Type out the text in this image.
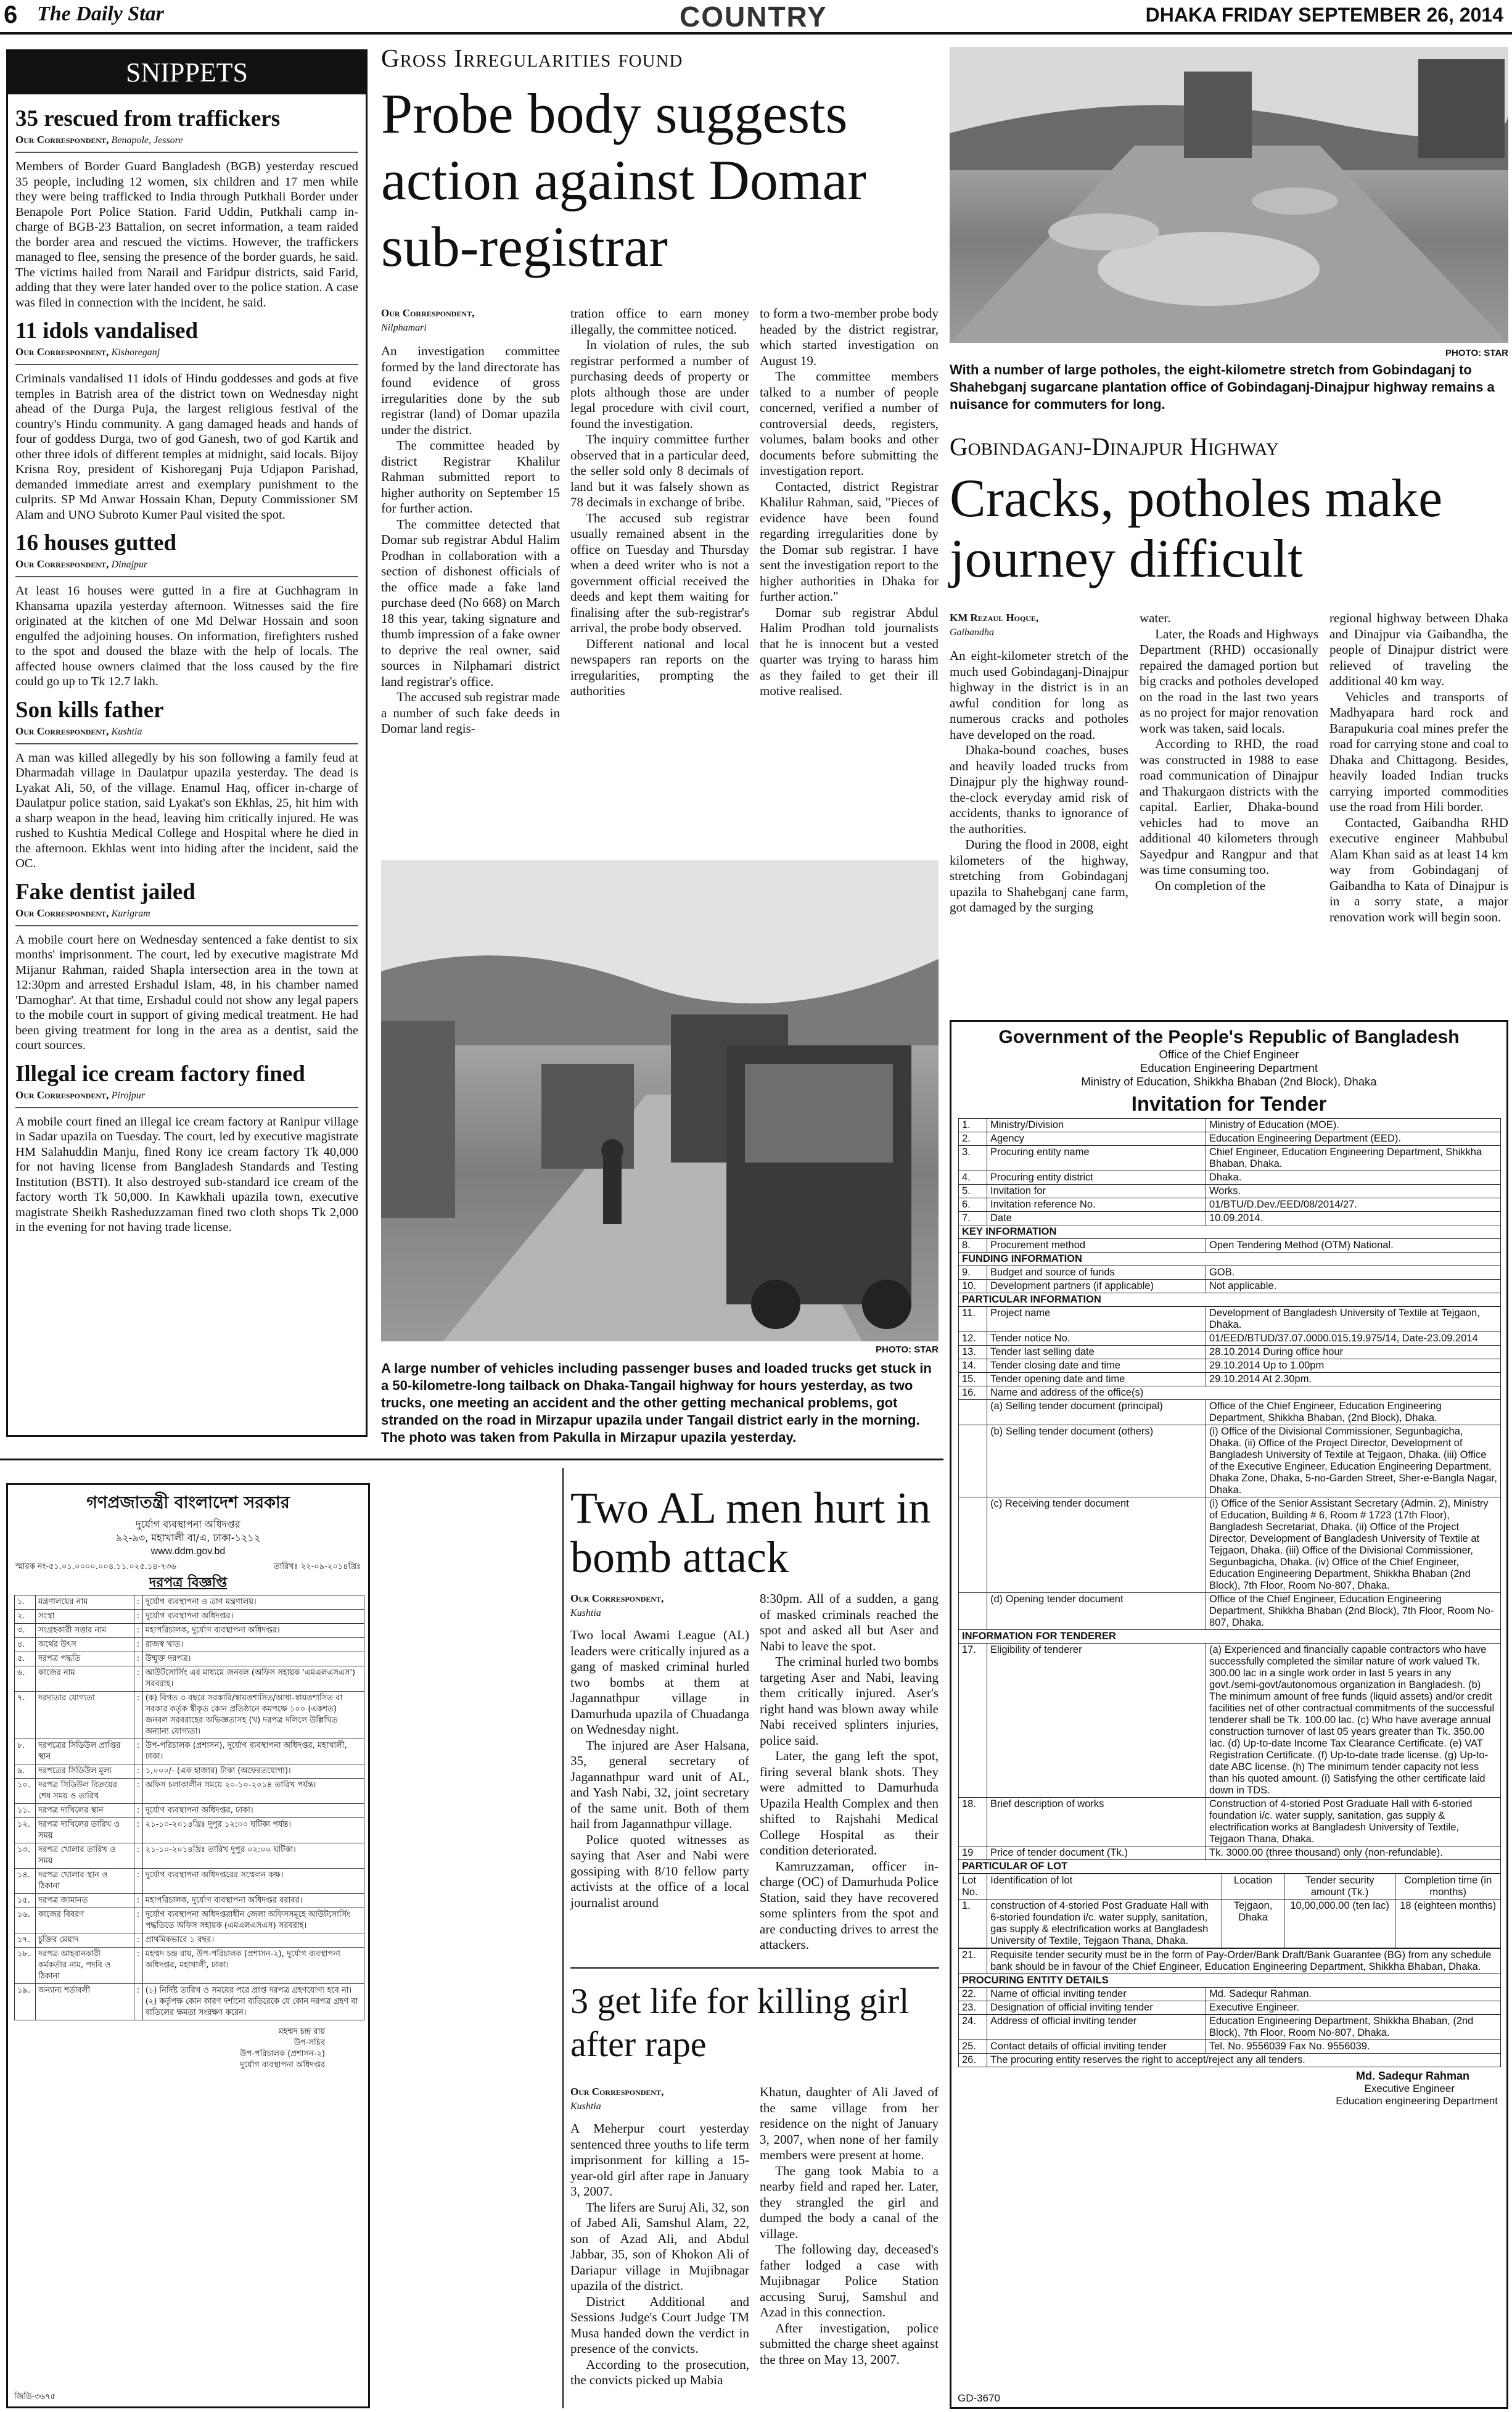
6 The Daily Star	COUNTRY	DHAKA FRIDAY SEPTEMBER 26, 2014
SNIPPETS
35 rescued from traffickers
Our Correspondent, Benapole, Jessore
Members of Border Guard Bangladesh (BGB) yesterday rescued 35 people, including 12 women, six children and 17 men while they were being trafficked to India through Putkhali Border under Benapole Port Police Station. Farid Uddin, Putkhali camp in-charge of BGB-23 Battalion, on secret information, a team raided the border area and rescued the victims. However, the traffickers managed to flee, sensing the presence of the border guards, he said. The victims hailed from Narail and Faridpur districts, said Farid, adding that they were later handed over to the police station. A case was filed in connection with the incident, he said.
11 idols vandalised
Our Correspondent, Kishoreganj
Criminals vandalised 11 idols of Hindu goddesses and gods at five temples in Batrish area of the district town on Wednesday night ahead of the Durga Puja, the largest religious festival of the country's Hindu community. A gang damaged heads and hands of four of goddess Durga, two of god Ganesh, two of god Kartik and other three idols of different temples at midnight, said locals. Bijoy Krisna Roy, president of Kishoreganj Puja Udjapon Parishad, demanded immediate arrest and exemplary punishment to the culprits. SP Md Anwar Hossain Khan, Deputy Commissioner SM Alam and UNO Subroto Kumer Paul visited the spot.
16 houses gutted
Our Correspondent, Dinajpur
At least 16 houses were gutted in a fire at Guchhagram in Khansama upazila yesterday afternoon. Witnesses said the fire originated at the kitchen of one Md Delwar Hossain and soon engulfed the adjoining houses. On information, firefighters rushed to the spot and doused the blaze with the help of locals. The affected house owners claimed that the loss caused by the fire could go up to Tk 12.7 lakh.
Son kills father
Our Correspondent, Kushtia
A man was killed allegedly by his son following a family feud at Dharmadah village in Daulatpur upazila yesterday. The dead is Lyakat Ali, 50, of the village. Enamul Haq, officer in-charge of Daulatpur police station, said Lyakat's son Ekhlas, 25, hit him with a sharp weapon in the head, leaving him critically injured. He was rushed to Kushtia Medical College and Hospital where he died in the afternoon. Ekhlas went into hiding after the incident, said the OC.
Fake dentist jailed
Our Correspondent, Kurigram
A mobile court here on Wednesday sentenced a fake dentist to six months' imprisonment. The court, led by executive magistrate Md Mijanur Rahman, raided Shapla intersection area in the town at 12:30pm and arrested Ershadul Islam, 48, in his chamber named 'Damoghar'. At that time, Ershadul could not show any legal papers to the mobile court in support of giving medical treatment. He had been giving treatment for long in the area as a dentist, said the court sources.
Illegal ice cream factory fined
Our Correspondent, Pirojpur
A mobile court fined an illegal ice cream factory at Ranipur village in Sadar upazila on Tuesday. The court, led by executive magistrate HM Salahuddin Manju, fined Rony ice cream factory Tk 40,000 for not having license from Bangladesh Standards and Testing Institution (BSTI). It also destroyed sub-standard ice cream of the factory worth Tk 50,000. In Kawkhali upazila town, executive magistrate Sheikh Rasheduzzaman fined two cloth shops Tk 2,000 in the evening for not having trade license.
Gross Irregularities found
Probe body suggests action against Domar sub-registrar
Our Correspondent,
Nilphamari

An investigation committee formed by the land directorate has found evidence of gross irregularities done by the sub registrar (land) of Domar upazila under the district.

The committee headed by district Registrar Khalilur Rahman submitted report to higher authority on September 15 for further action.

The committee detected that Domar sub registrar Abdul Halim Prodhan in collaboration with a section of dishonest officials of the office made a fake land purchase deed (No 668) on March 18 this year, taking signature and thumb impression of a fake owner to deprive the real owner, said sources in Nilphamari district land registrar's office.

The accused sub registrar made a number of such fake deeds in Domar land regis-

tration office to earn money illegally, the committee noticed.

In violation of rules, the sub registrar performed a number of purchasing deeds of property or plots although those are under legal procedure with civil court, found the investigation.

The inquiry committee further observed that in a particular deed, the seller sold only 8 decimals of land but it was falsely shown as 78 decimals in exchange of bribe.

The accused sub registrar usually remained absent in the office on Tuesday and Thursday when a deed writer who is not a government official received the deeds and kept them waiting for finalising after the sub-registrar's arrival, the probe body observed.

Different national and local newspapers ran reports on the irregularities, prompting the authorities

to form a two-member probe body headed by the district registrar, which started investigation on August 19.

The committee members talked to a number of people concerned, verified a number of controversial deeds, registers, volumes, balam books and other documents before submitting the investigation report.

Contacted, district Registrar Khalilur Rahman, said, "Pieces of evidence have been found regarding irregularities done by the Domar sub registrar. I have sent the investigation report to the higher authorities in Dhaka for further action."

Domar sub registrar Abdul Halim Prodhan told journalists that he is innocent but a vested quarter was trying to harass him as they failed to get their ill motive realised.

PHOTO: STAR
A large number of vehicles including passenger buses and loaded trucks get stuck in a 50-kilometre-long tailback on Dhaka-Tangail highway for hours yesterday, as two trucks, one meeting an accident and the other getting mechanical problems, got stranded on the road in Mirzapur upazila under Tangail district early in the morning. The photo was taken from Pakulla in Mirzapur upazila yesterday.
PHOTO: STAR
With a number of large potholes, the eight-kilometre stretch from Gobindaganj to Shahebganj sugarcane plantation office of Gobindaganj-Dinajpur highway remains a nuisance for commuters for long.
Gobindaganj-Dinajpur Highway
Cracks, potholes make journey difficult
KM Rezaul Hoque,
Gaibandha

An eight-kilometer stretch of the much used Gobindaganj-Dinajpur highway in the district is in an awful condition for long as numerous cracks and potholes have developed on the road.

Dhaka-bound coaches, buses and heavily loaded trucks from Dinajpur ply the highway round-the-clock everyday amid risk of accidents, thanks to ignorance of the authorities.

During the flood in 2008, eight kilometers of the highway, stretching from Gobindaganj upazila to Shahebganj cane farm, got damaged by the surging

water.

Later, the Roads and Highways Department (RHD) occasionally repaired the damaged portion but big cracks and potholes developed on the road in the last two years as no project for major renovation work was taken, said locals.

According to RHD, the road was constructed in 1988 to ease road communication of Dinajpur and Thakurgaon districts with the capital. Earlier, Dhaka-bound vehicles had to move an additional 40 kilometers through Sayedpur and Rangpur and that was time consuming too.

On completion of the

regional highway between Dhaka and Dinajpur via Gaibandha, the people of Dinajpur district were relieved of traveling the additional 40 km way.

Vehicles and transports of Madhyapara hard rock and Barapukuria coal mines prefer the road for carrying stone and coal to Dhaka and Chittagong. Besides, heavily loaded Indian trucks carrying imported commodities use the road from Hili border.

Contacted, Gaibandha RHD executive engineer Mahbubul Alam Khan said as at least 14 km way from Gobindaganj of Gaibandha to Kata of Dinajpur is in a sorry state, a major renovation work will begin soon.

Government of the People's Republic of Bangladesh
Office of the Chief Engineer
Education Engineering Department
Ministry of Education, Shikkha Bhaban (2nd Block), Dhaka
Invitation for Tender
1.	Ministry/Division	Ministry of Education (MOE).
2.	Agency	Education Engineering Department (EED).
3.	Procuring entity name	Chief Engineer, Education Engineering Department, Shikkha Bhaban, Dhaka.
4.	Procuring entity district	Dhaka.
5.	Invitation for	Works.
6.	Invitation reference No.	01/BTU/D.Dev./EED/08/2014/27.
7.	Date	10.09.2014.
KEY INFORMATION		
8.	Procurement method	Open Tendering Method (OTM) National.
FUNDING INFORMATION		
9.	Budget and source of funds	GOB.
10.	Development partners (if applicable)	Not applicable.
PARTICULAR INFORMATION		
11.	Project name	Development of Bangladesh University of Textile at Tejgaon, Dhaka.
12.	Tender notice No.	01/EED/BTUD/37.07.0000.015.19.975/14, Date-23.09.2014
13.	Tender last selling date	28.10.2014 During office hour
14.	Tender closing date and time	29.10.2014 Up to 1.00pm
15.	Tender opening date and time	29.10.2014 At 2.30pm.
16.	Name and address of the office(s)	
	(a) Selling tender document (principal)	Office of the Chief Engineer, Education Engineering Department, Shikkha Bhaban, (2nd Block), Dhaka.
	(b) Selling tender document (others)	(i) Office of the Divisional Commissioner, Segunbagicha, Dhaka. (ii) Office of the Project Director, Development of Bangladesh University of Textile at Tejgaon, Dhaka. (iii) Office of the Executive Engineer, Education Engineering Department, Dhaka Zone, Dhaka, 5-no-Garden Street, Sher-e-Bangla Nagar, Dhaka.
	(c) Receiving tender document	(i) Office of the Senior Assistant Secretary (Admin. 2), Ministry of Education, Building # 6, Room # 1723 (17th Floor), Bangladesh Secretariat, Dhaka. (ii) Office of the Project Director, Development of Bangladesh University of Textile at Tejgaon, Dhaka. (iii) Office of the Divisional Commissioner, Segunbagicha, Dhaka. (iv) Office of the Chief Engineer, Education Engineering Department, Shikkha Bhaban (2nd Block), 7th Floor, Room No-807, Dhaka.
	(d) Opening tender document	Office of the Chief Engineer, Education Engineering Department, Shikkha Bhaban (2nd Block), 7th Floor, Room No-807, Dhaka.
INFORMATION FOR TENDERER		
17.	Eligibility of tenderer	(a) Experienced and financially capable contractors who have successfully completed the similar nature of work valued Tk. 300.00 lac in a single work order in last 5 years in any govt./semi-govt/autonomous organization in Bangladesh. (b) The minimum amount of free funds (liquid assets) and/or credit facilities net of other contractual commitments of the successful tenderer shall be Tk. 100.00 lac. (c) Who have average annual construction turnover of last 05 years greater than Tk. 350.00 lac. (d) Up-to-date Income Tax Clearance Certificate. (e) VAT Registration Certificate. (f) Up-to-date trade license. (g) Up-to-date ABC license. (h) The minimum tender capacity not less than his quoted amount. (i) Satisfying the other certificate laid down in TDS.
18.	Brief description of works	Construction of 4-storied Post Graduate Hall with 6-storied foundation i/c. water supply, sanitation, gas supply & electrification works at Bangladesh University of Textile, Tejgaon Thana, Dhaka.
19	Price of tender document (Tk.)	Tk. 3000.00 (three thousand) only (non-refundable).
PARTICULAR OF LOT		
Lot No.	Identification of lot	Location	Tender security amount (Tk.)	Completion time (in months)
1.	construction of 4-storied Post Graduate Hall with 6-storied foundation i/c. water supply, sanitation, gas supply & electrification works at Bangladesh University of Textile, Tejgaon Thana, Dhaka.	Tejgaon, Dhaka	10,00,000.00 (ten lac)	18 (eighteen months)
21.	Requisite tender security must be in the form of Pay-Order/Bank Draft/Bank Guarantee (BG) from any schedule bank should be in favour of the Chief Engineer, Education Engineering Department, Shikkha Bhaban, Dhaka.	
PROCURING ENTITY DETAILS		
22.	Name of official inviting tender	Md. Sadequr Rahman.
23.	Designation of official inviting tender	Executive Engineer.
24.	Address of official inviting tender	Education Engineering Department, Shikkha Bhaban, (2nd Block), 7th Floor, Room No-807, Dhaka.
25.	Contact details of official inviting tender	Tel. No. 9556039 Fax No. 9556039.
26.	The procuring entity reserves the right to accept/reject any all tenders.	
Md. Sadequr Rahman
Executive Engineer
Education engineering Department
GD-3670
গণপ্রজাতন্ত্রী বাংলাদেশ সরকার
দুর্যোগ ব্যবস্থাপনা অধিদপ্তর
৯২-৯৩, মহাখালী বা/এ, ঢাকা-১২১২
www.ddm.gov.bd
স্মারক নং-৫১.০১.০০০০.০০৪.১১.০২৫.১৪-৭৩৬	তারিখঃ ২২-০৯-২০১৪খ্রিঃ
দরপত্র বিজ্ঞপ্তি
১.	মন্ত্রণালয়ের নাম	:	দুর্যোগ ব্যবস্থাপনা ও ত্রাণ মন্ত্রণালয়।
২.	সংস্থা	:	দুর্যোগ ব্যবস্থাপনা অধিদপ্তর।
৩.	সংগ্রহকারী সত্তার নাম	:	মহাপরিচালক, দুর্যোগ ব্যবস্থাপনা অধিদপ্তর।
৪.	অর্থের উৎস	:	রাজস্ব খাত।
৫.	দরপত্র পদ্ধতি	:	উন্মুক্ত দরপত্র।
৬.	কাজের নাম	:	আউটসোর্সিং এর মাধ্যমে জনবল (অফিস সহায়ক 'এমএলএসএস') সরবরাহ।
৭.	দরদাতার যোগ্যতা	:	(ক) বিগত ৩ বছরে সরকারি/স্বায়ত্তশাসিত/আধা-স্বায়ত্তশাসিত বা সরকার কর্তৃক স্বীকৃত কোন প্রতিষ্ঠানে কমপক্ষে ১০০ (একশত) জনবল সরবরাহের অভিজ্ঞতাসহ (খ) দরপত্র দলিলে উল্লিখিত অন্যান্য যোগ্যতা।
৮.	দরপত্রের সিডিউল প্রাপ্তির স্থান	:	উপ-পরিচালক (প্রশাসন), দুর্যোগ ব্যবস্থাপনা অধিদপ্তর, মহাখালী, ঢাকা।
৯.	দরপত্রের সিডিউল মূল্য	:	১,০০০/- (এক হাজার) টাকা (অফেরতযোগ্য)।
১০.	দরপত্র সিডিউল বিক্রয়ের শেষ সময় ও তারিখ	:	অফিস চলাকালীন সময়ে ২০-১০-২০১৪ তারিখ পর্যন্ত।
১১.	দরপত্র দাখিলের স্থান	:	দুর্যোগ ব্যবস্থাপনা অধিদপ্তর, ঢাকা।
১২.	দরপত্র দাখিলের তারিখ ও সময়	:	২১-১০-২০১৪খ্রিঃ দুপুর ১২:০০ ঘটিকা পর্যন্ত।
১৩.	দরপত্র খোলার তারিখ ও সময়	:	২১-১০-২০১৪খ্রিঃ তারিখ দুপুর ০২:০০ ঘটিকা।
১৪.	দরপত্র খোলার স্থান ও ঠিকানা	:	দুর্যোগ ব্যবস্থাপনা অধিদপ্তরের সম্মেলন কক্ষ।
১৫.	দরপত্র জামানত	:	মহাপরিচালক, দুর্যোগ ব্যবস্থাপনা অধিদপ্তর বরাবর।
১৬.	কাজের বিবরণ	:	দুর্যোগ ব্যবস্থাপনা অধিদপ্তরাধীন জেলা অফিসসমূহে আউটসোর্সিং পদ্ধতিতে অফিস সহায়ক (এমএলএসএস) সরবরাহ।
১৭.	চুক্তির মেয়াদ	:	প্রাথমিকভাবে ১ বছর।
১৮.	দরপত্র আহবানকারী কর্মকর্তার নাম, পদবি ও ঠিকানা	:	মহম্মদ চন্দ্র রায়, উপ-পরিচালক (প্রশাসন-২), দুর্যোগ ব্যবস্থাপনা অধিদপ্তর, মহাখালী, ঢাকা।
১৯.	অন্যান্য শর্তাবলী	:	(১) নির্দিষ্ট তারিখ ও সময়ের পরে প্রাপ্ত দরপত্র গ্রহণযোগ্য হবে না। (২) কর্তৃপক্ষ কোন কারণ দর্শানো ব্যতিরেকে যে কোন দরপত্র গ্রহণ বা বাতিলের ক্ষমতা সংরক্ষণ করেন।
মহম্মদ চন্দ্র রায়
উপ-সচিব
উপ-পরিচালক (প্রশাসন-২)
দুর্যোগ ব্যবস্থাপনা অধিদপ্তর
জিডি-৩৬৭৫
Two AL men hurt in bomb attack
Our Correspondent,
Kushtia

Two local Awami League (AL) leaders were critically injured as a gang of masked criminal hurled two bombs at them at Jagannathpur village in Damurhuda upazila of Chuadanga on Wednesday night.

The injured are Aser Halsana, 35, general secretary of Jagannathpur ward unit of AL, and Yash Nabi, 32, joint secretary of the same unit. Both of them hail from Jagannathpur village.

Police quoted witnesses as saying that Aser and Nabi were gossiping with 8/10 fellow party activists at the office of a local journalist around

8:30pm. All of a sudden, a gang of masked criminals reached the spot and asked all but Aser and Nabi to leave the spot.

The criminal hurled two bombs targeting Aser and Nabi, leaving them critically injured. Aser's right hand was blown away while Nabi received splinters injuries, police said.

Later, the gang left the spot, firing several blank shots. They were admitted to Damurhuda Upazila Health Complex and then shifted to Rajshahi Medical College Hospital as their condition deteriorated.

Kamruzzaman, officer in-charge (OC) of Damurhuda Police Station, said they have recovered some splinters from the spot and are conducting drives to arrest the attackers.

3 get life for killing girl after rape
Our Correspondent,
Kushtia

A Meherpur court yesterday sentenced three youths to life term imprisonment for killing a 15-year-old girl after rape in January 3, 2007.

The lifers are Suruj Ali, 32, son of Jabed Ali, Samshul Alam, 22, son of Azad Ali, and Abdul Jabbar, 35, son of Khokon Ali of Dariapur village in Mujibnagar upazila of the district.

District Additional and Sessions Judge's Court Judge TM Musa handed down the verdict in presence of the convicts.

According to the prosecution, the convicts picked up Mabia

Khatun, daughter of Ali Javed of the same village from her residence on the night of January 3, 2007, when none of her family members were present at home.

The gang took Mabia to a nearby field and raped her. Later, they strangled the girl and dumped the body a canal of the village.

The following day, deceased's father lodged a case with Mujibnagar Police Station accusing Suruj, Samshul and Azad in this connection.

After investigation, police submitted the charge sheet against the three on May 13, 2007.
